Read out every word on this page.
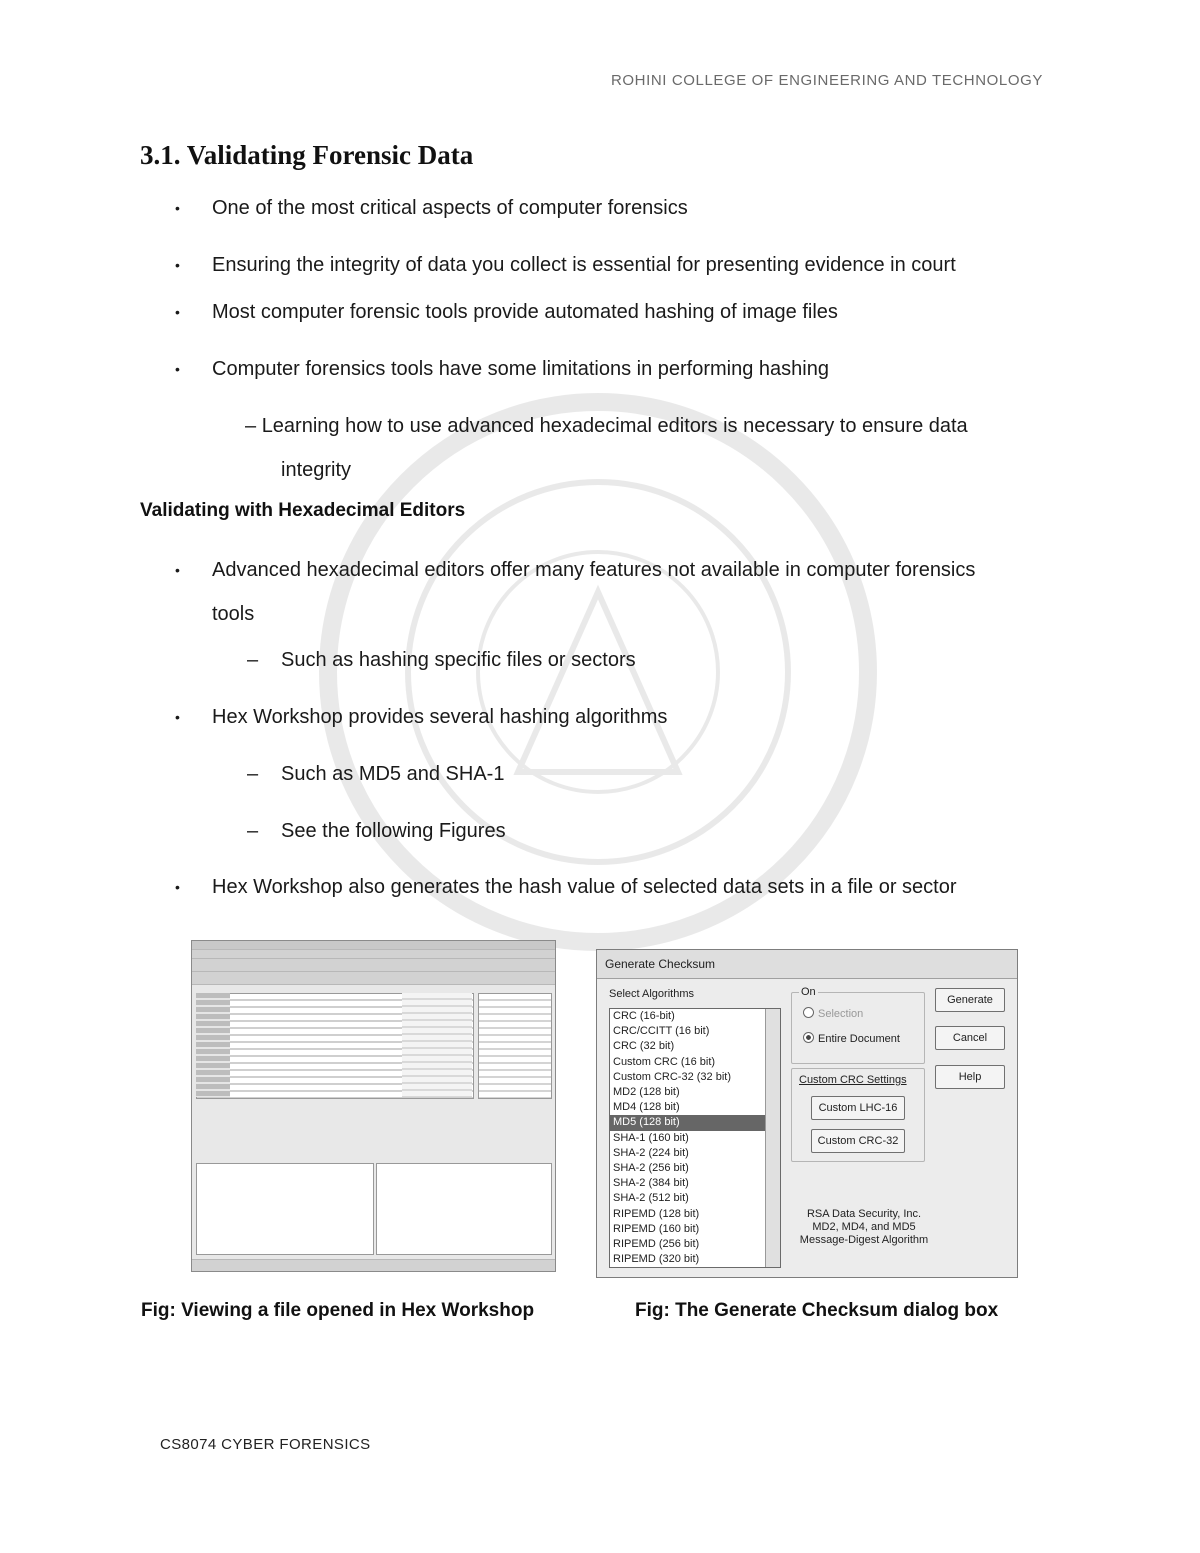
ROHINI COLLEGE OF ENGINEERING AND TECHNOLOGY
3.1. Validating Forensic Data
• One of the most critical aspects of computer forensics
• Ensuring the integrity of data you collect is essential for presenting evidence in court
• Most computer forensic tools provide automated hashing of image files
• Computer forensics tools have some limitations in performing hashing
– Learning how to use advanced hexadecimal editors is necessary to ensure data
integrity
Validating with Hexadecimal Editors
• Advanced hexadecimal editors offer many features not available in computer forensics
tools
– Such as hashing specific files or sectors
• Hex Workshop provides several hashing algorithms
– Such as MD5 and SHA-1
– See the following Figures
• Hex Workshop also generates the hash value of selected data sets in a file or sector
Generate Checksum
Select Algorithms
CRC (16-bit)
CRC/CCITT (16 bit)
CRC (32 bit)
Custom CRC (16 bit)
Custom CRC-32 (32 bit)
MD2 (128 bit)
MD4 (128 bit)
MD5 (128 bit)
SHA-1 (160 bit)
SHA-2 (224 bit)
SHA-2 (256 bit)
SHA-2 (384 bit)
SHA-2 (512 bit)
RIPEMD (128 bit)
RIPEMD (160 bit)
RIPEMD (256 bit)
RIPEMD (320 bit)
On
Selection
Entire Document
Custom CRC Settings
Custom LHC-16
Custom CRC-32
Generate
Cancel
Help
RSA Data Security, Inc.
MD2, MD4, and MD5
Message-Digest Algorithm
Fig: Viewing a file opened in Hex Workshop	Fig: The Generate Checksum dialog box
CS8074 CYBER FORENSICS
